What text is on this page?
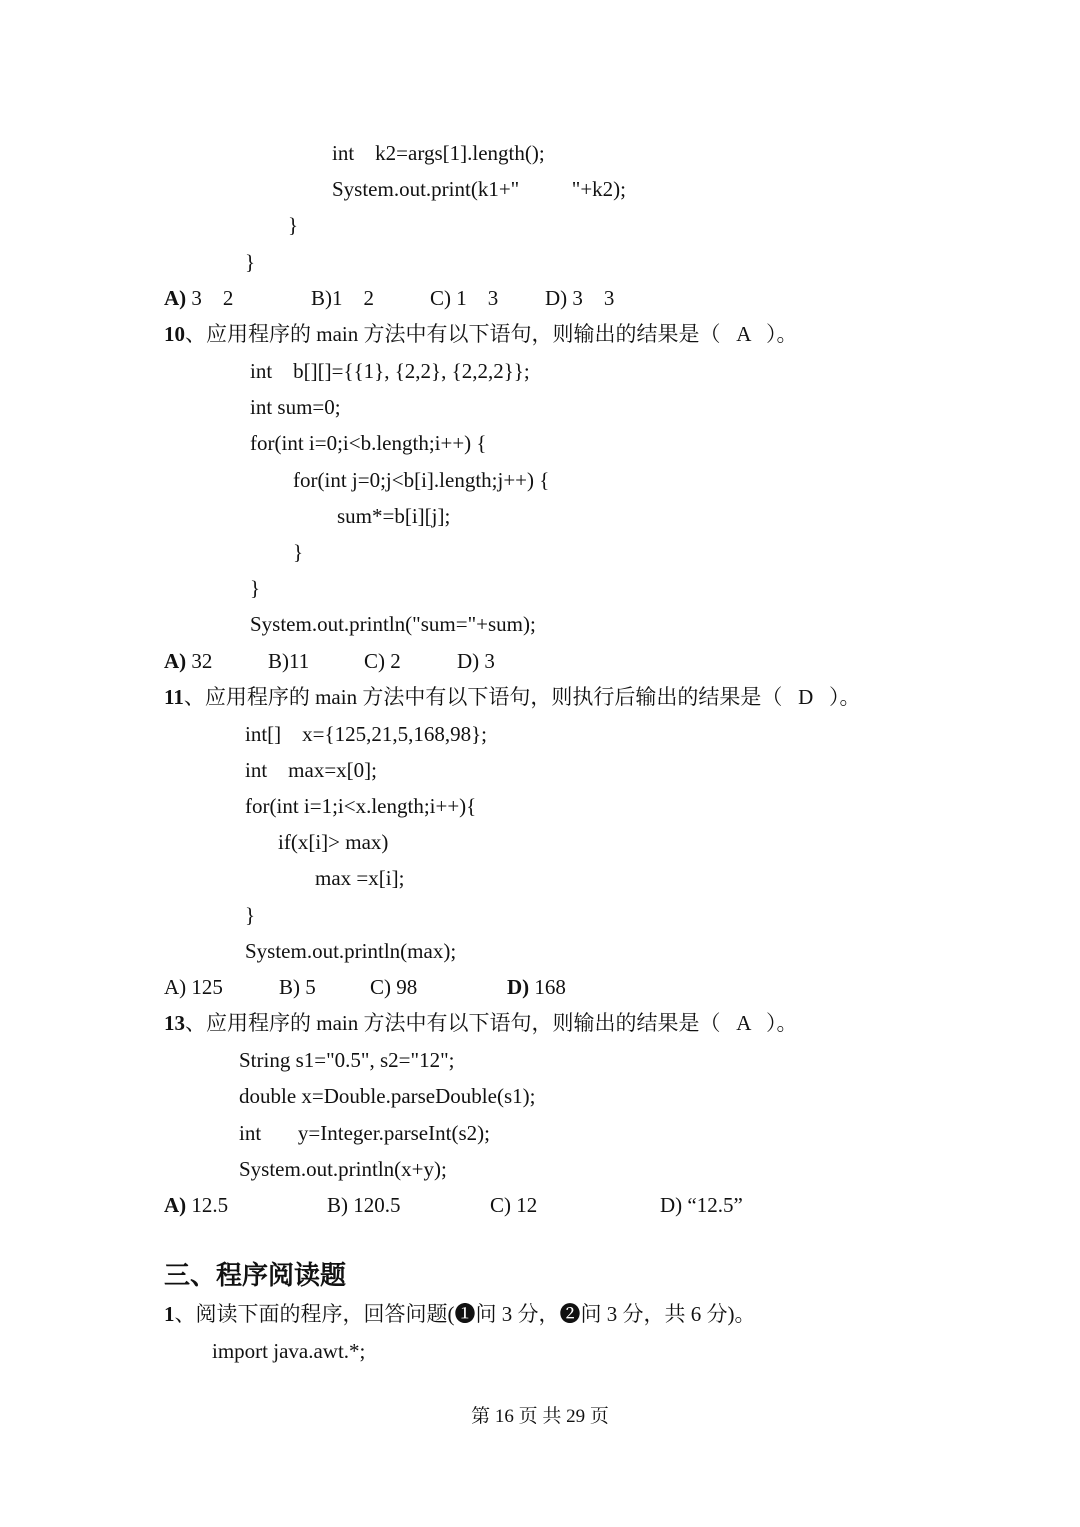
int    k2=args[1].length();
System.out.print(k1+"          "+k2);
}
}
A) 3    2	B)1    2	C) 1    3 D) 3    3
10、应用程序的 main 方法中有以下语句，则输出的结果是（   A   ）。
int    b[][]={{1}, {2,2}, {2,2,2}};
int sum=0;
for(int i=0;i<b.length;i++) {
for(int j=0;j<b[i].length;j++) {
sum*=b[i][j];
}
}
System.out.println("sum="+sum);
A) 32	B)11	C) 2	D) 3
11、应用程序的 main 方法中有以下语句，则执行后输出的结果是（   D   ）。
int[]    x={125,21,5,168,98};
int    max=x[0];
for(int i=1;i<x.length;i++){
if(x[i]> max)
max =x[i];
}
System.out.println(max);
A) 125	B) 5	C) 98	D) 168
13、应用程序的 main 方法中有以下语句，则输出的结果是（   A   ）。
String s1="0.5", s2="12";
double x=Double.parseDouble(s1);
int       y=Integer.parseInt(s2);
System.out.println(x+y);
A) 12.5	B) 120.5	C) 12	D) “12.5”
三、程序阅读题
1、阅读下面的程序，回答问题(❶问 3 分，❷问 3 分，共 6 分)。
import java.awt.*;
第 16 页 共 29 页
